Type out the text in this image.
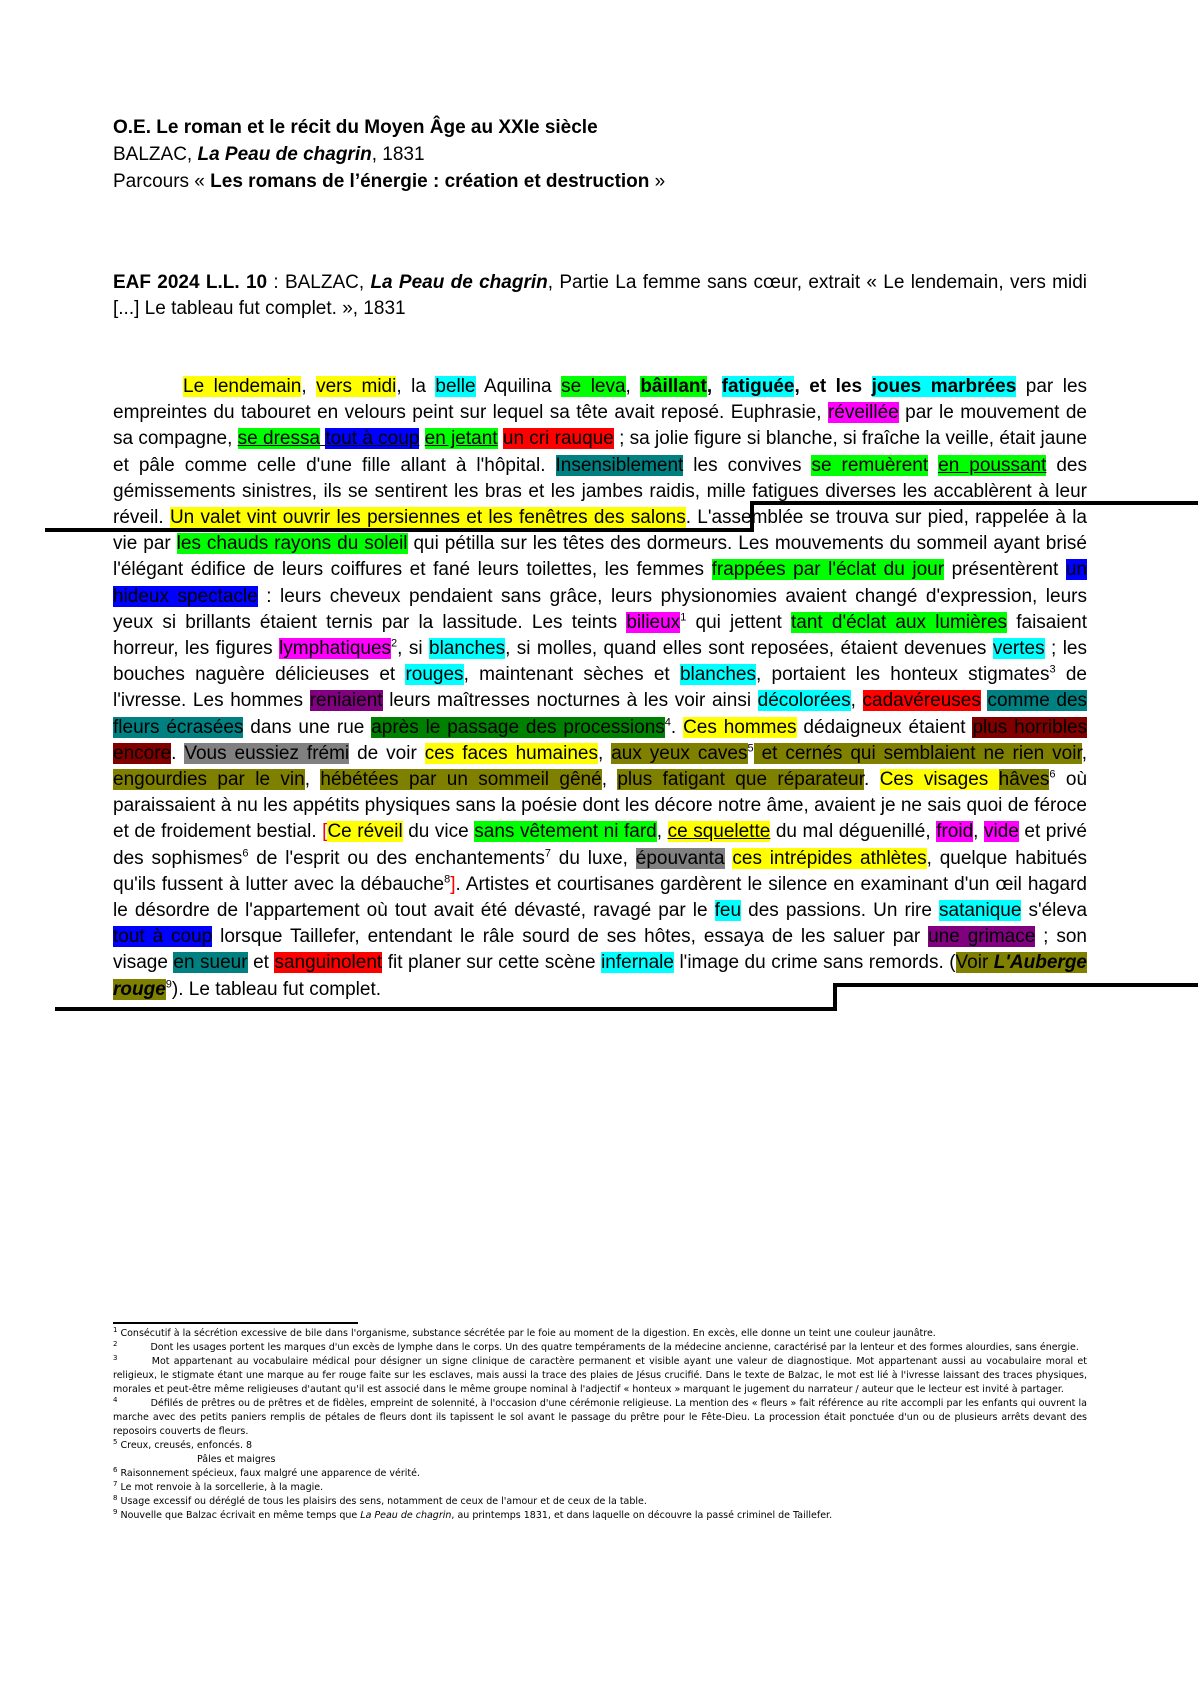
O.E. Le roman et le récit du Moyen Âge au XXIe siècle
BALZAC, La Peau de chagrin, 1831
Parcours « Les romans de l’énergie : création et destruction »
EAF 2024 L.L. 10 : BALZAC, La Peau de chagrin, Partie La femme sans cœur, extrait « Le lendemain, vers midi [...] Le tableau fut complet. », 1831
Le lendemain, vers midi, la belle Aquilina se leva, bâillant, fatiguée, et les joues marbrées par les empreintes du tabouret en velours peint sur lequel sa tête avait reposé. Euphrasie, réveillée par le mouvement de sa compagne, se dressa tout à coup en jetant un cri rauque ; sa jolie figure si blanche, si fraîche la veille, était jaune et pâle comme celle d'une fille allant à l'hôpital. Insensiblement les convives se remuèrent en poussant des gémissements sinistres, ils se sentirent les bras et les jambes raidis, mille fatigues diverses les accablèrent à leur réveil. Un valet vint ouvrir les persiennes et les fenêtres des salons. L'assemblée se trouva sur pied, rappelée à la vie par les chauds rayons du soleil qui pétilla sur les têtes des dormeurs. Les mouvements du sommeil ayant brisé l'élégant édifice de leurs coiffures et fané leurs toilettes, les femmes frappées par l'éclat du jour présentèrent un hideux spectacle : leurs cheveux pendaient sans grâce, leurs physionomies avaient changé d'expression, leurs yeux si brillants étaient ternis par la lassitude. Les teints bilieux$^1$ qui jettent tant d'éclat aux lumières faisaient horreur, les figures lymphatiques$^2$, si blanches, si molles, quand elles sont reposées, étaient devenues vertes ; les bouches naguère délicieuses et rouges, maintenant sèches et blanches, portaient les honteux stigmates$^3$ de l'ivresse. Les hommes reniaient leurs maîtresses nocturnes à les voir ainsi décolorées, cadavéreuses comme des fleurs écrasées dans une rue après le passage des processions$^4$. Ces hommes dédaigneux étaient plus horribles encore. Vous eussiez frémi de voir ces faces humaines, aux yeux caves$^5$ et cernés qui semblaient ne rien voir, engourdies par le vin, hébétées par un sommeil gêné, plus fatigant que réparateur. Ces visages hâves$^6$ où paraissaient à nu les appétits physiques sans la poésie dont les décore notre âme, avaient je ne sais quoi de féroce et de froidement bestial. [Ce réveil du vice sans vêtement ni fard, ce squelette du mal déguenillé, froid, vide et privé des sophismes$^6$ de l'esprit ou des enchantements$^7$ du luxe, épouvanta ces intrépides athlètes, quelque habitués qu'ils fussent à lutter avec la débauche$^8$]. Artistes et courtisanes gardèrent le silence en examinant d'un œil hagard le désordre de l'appartement où tout avait été dévasté, ravagé par le feu des passions. Un rire satanique s'éleva tout à coup lorsque Taillefer, entendant le râle sourd de ses hôtes, essaya de les saluer par une grimace ; son visage en sueur et sanguinolent fit planer sur cette scène infernale l'image du crime sans remords. (Voir L'Auberge rouge$^9$). Le tableau fut complet.

$^1$ Consécutif à la sécrétion excessive de bile dans l'organisme, substance sécrétée par le foie au moment de la digestion. En excès, elle donne un teint une couleur jaunâtre.

$^2$	Dont les usages portent les marques d'un excès de lymphe dans le corps. Un des quatre tempéraments de la médecine ancienne, caractérisé par la lenteur et des formes alourdies, sans énergie.

$^3$	Mot appartenant au vocabulaire médical pour désigner un signe clinique de caractère permanent et visible ayant une valeur de diagnostique. Mot appartenant aussi au vocabulaire moral et religieux, le stigmate étant une marque au fer rouge faite sur les esclaves, mais aussi la trace des plaies de Jésus crucifié. Dans le texte de Balzac, le mot est lié à l'ivresse laissant des traces physiques, morales et peut-être même religieuses d'autant qu'il est associé dans le même groupe nominal à l'adjectif « honteux » marquant le jugement du narrateur / auteur que le lecteur est invité à partager.

$^4$	Défilés de prêtres ou de prêtres et de fidèles, empreint de solennité, à l'occasion d'une cérémonie religieuse. La mention des « fleurs » fait référence au rite accompli par les enfants qui ouvrent la marche avec des petits paniers remplis de pétales de fleurs dont ils tapissent le sol avant le passage du prêtre pour le Fête-Dieu. La procession était ponctuée d'un ou de plusieurs arrêts devant des reposoirs couverts de fleurs.

$^5$ Creux, creusés, enfoncés. 8

Pâles et maigres

$^6$ Raisonnement spécieux, faux malgré une apparence de vérité.

$^7$ Le mot renvoie à la sorcellerie, à la magie.

$^8$ Usage excessif ou déréglé de tous les plaisirs des sens, notamment de ceux de l'amour et de ceux de la table.

$^9$ Nouvelle que Balzac écrivait en même temps que La Peau de chagrin, au printemps 1831, et dans laquelle on découvre la passé criminel de Taillefer.
